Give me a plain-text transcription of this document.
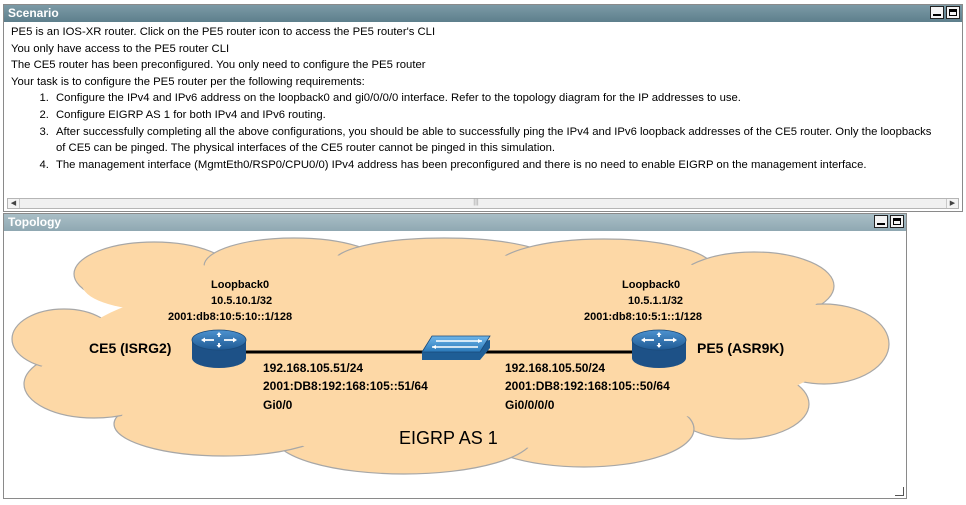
Scenario

PE5 is an IOS-XR router. Click on the PE5 router icon to access the PE5 router's CLI

You only have access to the PE5 router CLI

The CE5 router has been preconfigured. You only need to configure the PE5 router

Your task is to configure the PE5 router per the following requirements:

1. Configure the IPv4 and IPv6 address on the loopback0 and gi0/0/0/0 interface. Refer to the topology diagram for the IP addresses to use.
2. Configure EIGRP AS 1 for both IPv4 and IPv6 routing.
3. After successfully completing all the above configurations, you should be able to successfully ping the IPv4 and IPv6 loopback addresses of the CE5 router. Only the loopbacks of CE5 can be pinged. The physical interfaces of the CE5 router cannot be pinged in this simulation.
4. The management interface (MgmtEth0/RSP0/CPU0/0) IPv4 address has been preconfigured and there is no need to enable EIGRP on the management interface.
◀	|||	▶
Topology
Loopback0
10.5.10.1/32
2001:db8:10:5:10::1/128
CE5 (ISRG2)
192.168.105.51/24
2001:DB8:192:168:105::51/64
Gi0/0
Loopback0
10.5.1.1/32
2001:db8:10:5:1::1/128
PE5 (ASR9K)
192.168.105.50/24
2001:DB8:192:168:105::50/64
Gi0/0/0/0
EIGRP AS 1
